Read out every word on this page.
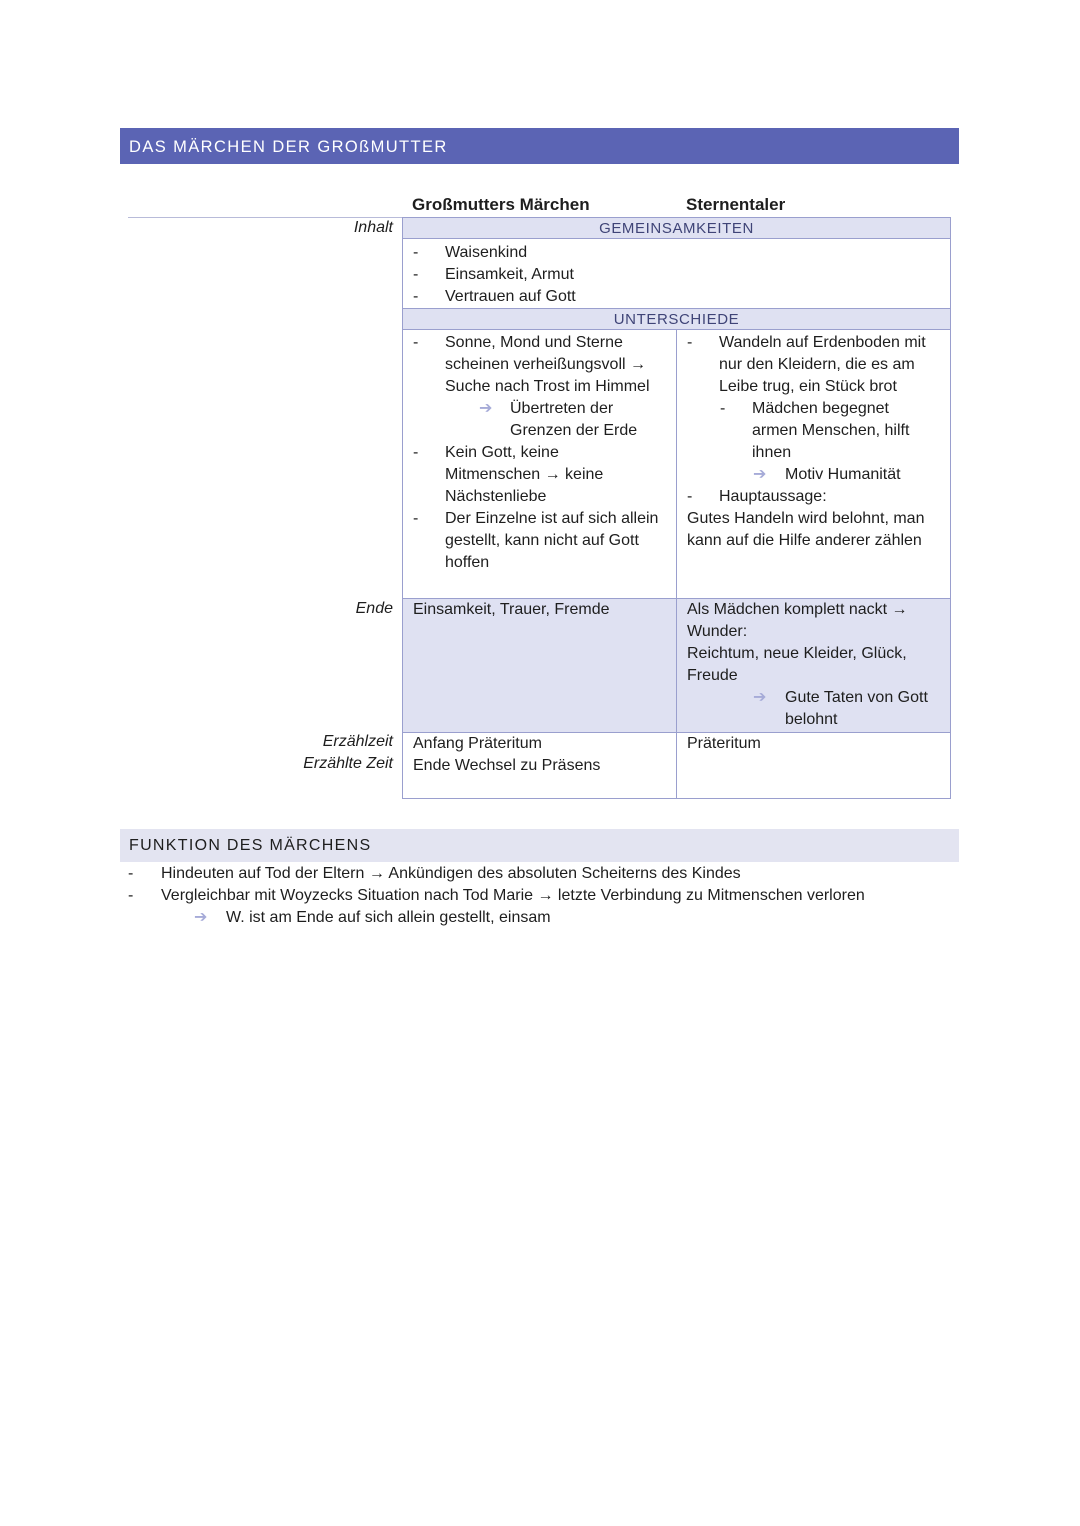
DAS MÄRCHEN DER GROßMUTTER
Großmutters Märchen	Sternentaler
Inhalt
Ende
Erzählzeit
Erzählte Zeit
GEMEINSAMKEITEN
- Waisenkind
- Einsamkeit, Armut
- Vertrauen auf Gott
UNTERSCHIEDE
- Sonne, Mond und Sterne
scheinen verheißungsvoll →
Suche nach Trost im Himmel
➔ Übertreten der
Grenzen der Erde
- Kein Gott, keine
Mitmenschen → keine
Nächstenliebe
- Der Einzelne ist auf sich allein
gestellt, kann nicht auf Gott
hoffen
- Wandeln auf Erdenboden mit
nur den Kleidern, die es am
Leibe trug, ein Stück brot
- Mädchen begegnet
armen Menschen, hilft
ihnen
➔ Motiv Humanität
- Hauptaussage:
Gutes Handeln wird belohnt, man
kann auf die Hilfe anderer zählen
Einsamkeit, Trauer, Fremde	Als Mädchen komplett nackt →
Wunder:
Reichtum, neue Kleider, Glück,
Freude
➔ Gute Taten von Gott
belohnt
Anfang Präteritum
Ende Wechsel zu Präsens
Präteritum
FUNKTION DES MÄRCHENS
- Hindeuten auf Tod der Eltern → Ankündigen des absoluten Scheiterns des Kindes
- Vergleichbar mit Woyzecks Situation nach Tod Marie → letzte Verbindung zu Mitmenschen verloren
➔ W. ist am Ende auf sich allein gestellt, einsam
